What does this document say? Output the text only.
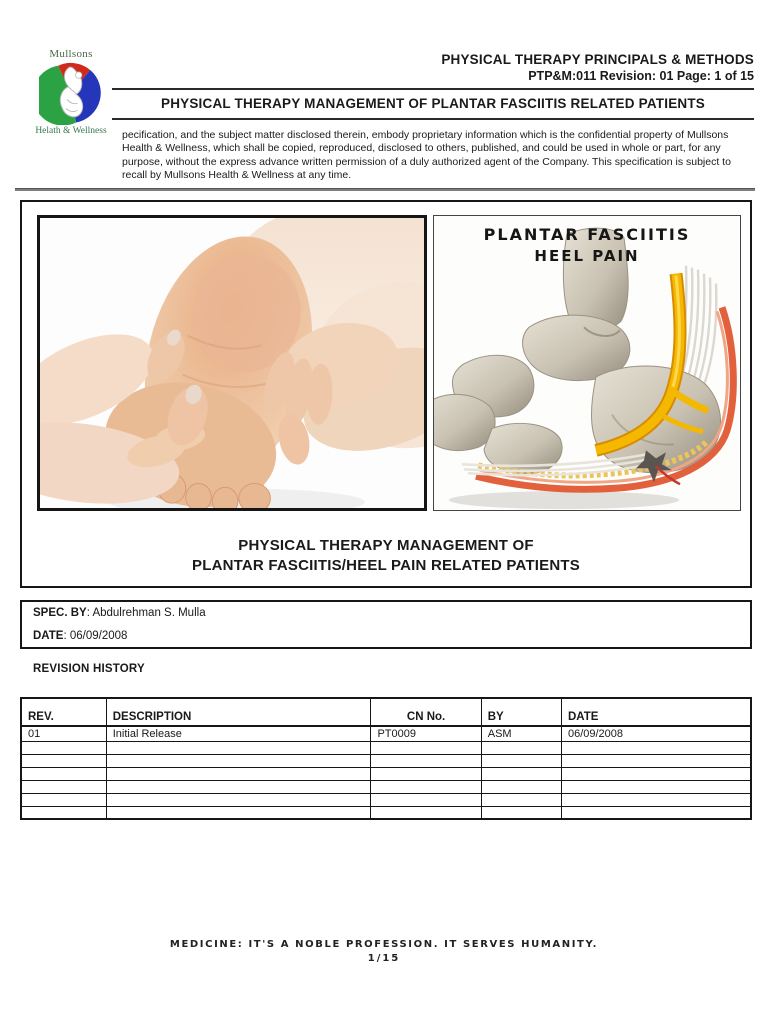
Mullsons
Helath & Wellness
PHYSICAL THERAPY PRINCIPALS & METHODS
PTP&M:011 Revision: 01 Page: 1 of 15
PHYSICAL THERAPY MANAGEMENT OF PLANTAR FASCIITIS RELATED PATIENTS
pecification, and the subject matter disclosed therein, embody proprietary information which is the confidential property of Mullsons Health & Wellness, which shall be copied, reproduced, disclosed to others, published, and could be used in whole or part, for any purpose, without the express advance written permission of a duly authorized agent of the Company. This specification is subject to recall by Mullsons Health & Wellness at any time.
PLANTAR FASCIITIS
HEEL PAIN
PHYSICAL THERAPY MANAGEMENT OF
PLANTAR FASCIITIS/HEEL PAIN RELATED PATIENTS
SPEC. BY: Abdulrehman S. Mulla
DATE: 06/09/2008
REVISION HISTORY
REV.	DESCRIPTION	CN No.	BY	DATE
01	Initial Release	PT0009	ASM	06/09/2008

MEDICINE: IT'S A NOBLE PROFESSION. IT SERVES HUMANITY.
1/15
